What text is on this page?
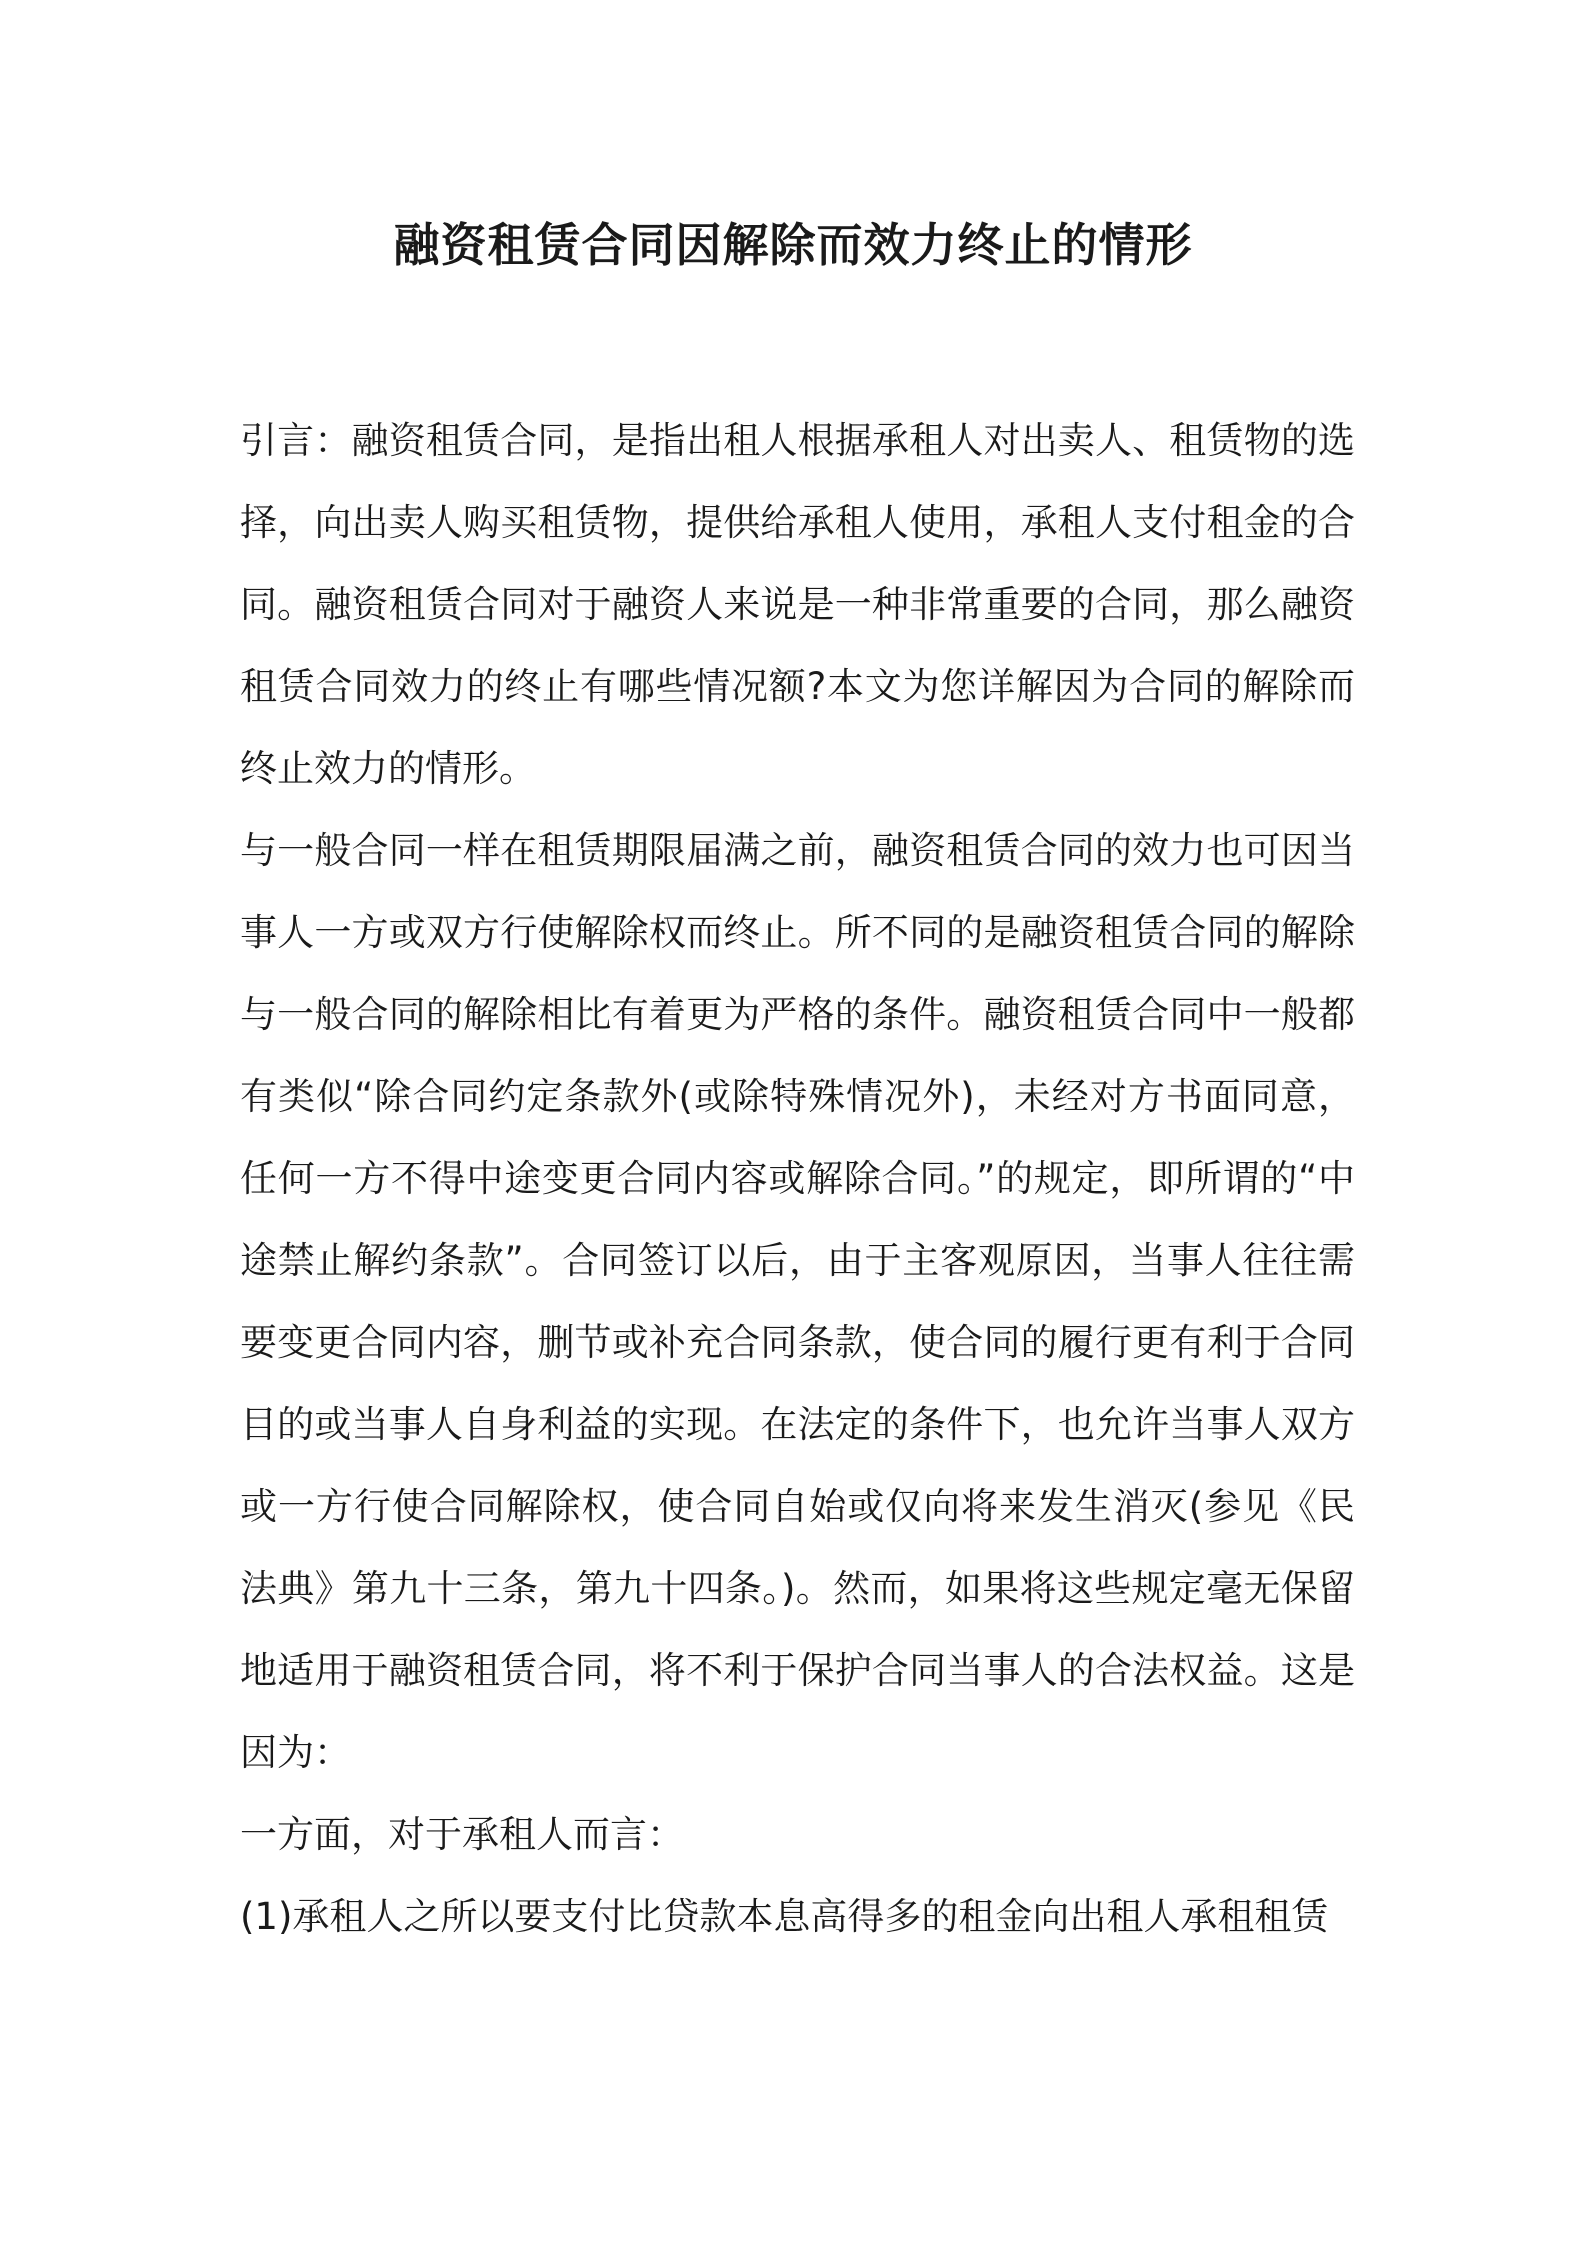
融资租赁合同因解除而效力终止的情形

引言：融资租赁合同，是指出租人根据承租人对出卖人、租赁物的选择，向出卖人购买租赁物，提供给承租人使用，承租人支付租金的合同。融资租赁合同对于融资人来说是一种非常重要的合同，那么融资租赁合同效力的终止有哪些情况额?本文为您详解因为合同的解除而终止效力的情形。

与一般合同一样在租赁期限届满之前，融资租赁合同的效力也可因当事人一方或双方行使解除权而终止。所不同的是融资租赁合同的解除与一般合同的解除相比有着更为严格的条件。融资租赁合同中一般都有类似“除合同约定条款外(或除特殊情况外)，未经对方书面同意，任何一方不得中途变更合同内容或解除合同。”的规定，即所谓的“中途禁止解约条款”。合同签订以后，由于主客观原因，当事人往往需要变更合同内容，删节或补充合同条款，使合同的履行更有利于合同目的或当事人自身利益的实现。在法定的条件下，也允许当事人双方或一方行使合同解除权，使合同自始或仅向将来发生消灭(参见《民法典》第九十三条，第九十四条。)。然而，如果将这些规定毫无保留地适用于融资租赁合同，将不利于保护合同当事人的合法权益。这是因为：

一方面，对于承租人而言：

(1)承租人之所以要支付比贷款本息高得多的租金向出租人承租租赁
